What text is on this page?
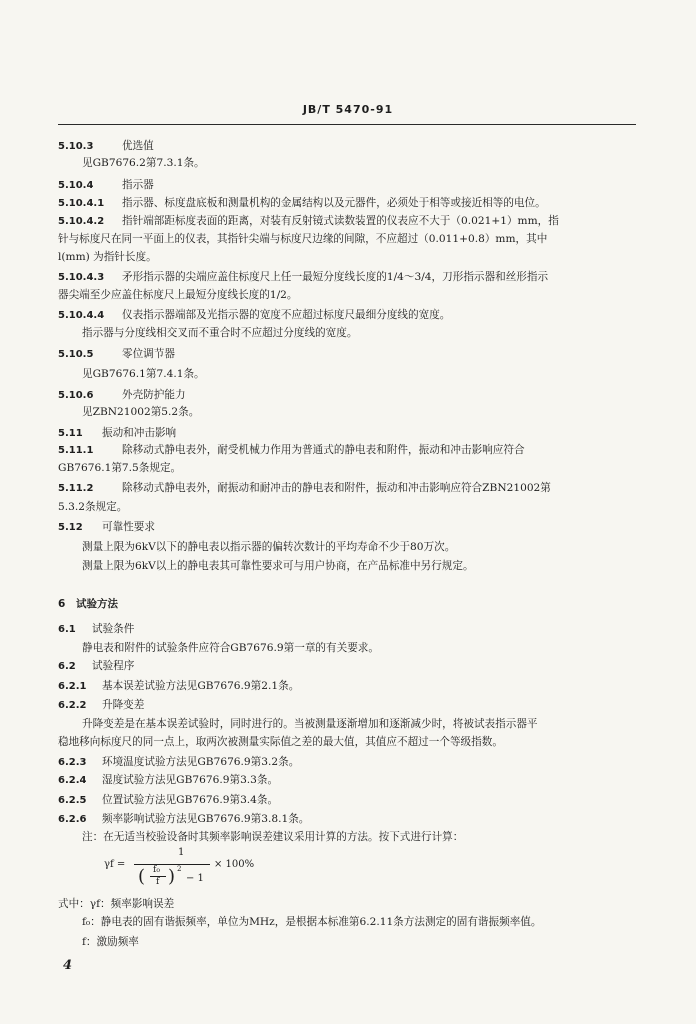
JB/T 5470-91
5.10.3	优选值
见GB7676.2第7.3.1条。
5.10.4	指示器
5.10.4.1 指示器、标度盘底板和测量机构的金属结构以及元器件，必须处于相等或接近相等的电位。
5.10.4.2 指针端部距标度表面的距离，对装有反射镜式读数装置的仪表应不大于（0.021+1）mm，指
针与标度尺在同一平面上的仪表，其指针尖端与标度尺边缘的间隙，不应超过（0.011+0.8）mm，其中
l(mm) 为指针长度。
5.10.4.3 矛形指示器的尖端应盖住标度尺上任一最短分度线长度的1/4～3/4，刀形指示器和丝形指示
器尖端至少应盖住标度尺上最短分度线长度的1/2。
5.10.4.4 仪表指示器端部及光指示器的宽度不应超过标度尺最细分度线的宽度。
指示器与分度线相交叉而不重合时不应超过分度线的宽度。
5.10.5	零位调节器
见GB7676.1第7.4.1条。
5.10.6	外壳防护能力
见ZBN21002第5.2条。
5.11 振动和冲击影响
5.11.1	除移动式静电表外，耐受机械力作用为普通式的静电表和附件，振动和冲击影响应符合
GB7676.1第7.5条规定。
5.11.2	除移动式静电表外，耐振动和耐冲击的静电表和附件，振动和冲击影响应符合ZBN21002第
5.3.2条规定。
5.12 可靠性要求
测量上限为6kV以下的静电表以指示器的偏转次数计的平均寿命不少于80万次。
测量上限为6kV以上的静电表其可靠性要求可与用户协商，在产品标准中另行规定。
6 试验方法
6.1 试验条件
静电表和附件的试验条件应符合GB7676.9第一章的有关要求。
6.2 试验程序
6.2.1 基本误差试验方法见GB7676.9第2.1条。
6.2.2 升降变差
升降变差是在基本误差试验时，同时进行的。当被测量逐渐增加和逐渐减少时，将被试表指示器平
稳地移向标度尺的同一点上，取两次被测量实际值之差的最大值，其值应不超过一个等级指数。
6.2.3 环境温度试验方法见GB7676.9第3.2条。
6.2.4 湿度试验方法见GB7676.9第3.3条。
6.2.5 位置试验方法见GB7676.9第3.4条。
6.2.6 频率影响试验方法见GB7676.9第3.8.1条。
注：在无适当校验设备时其频率影响误差建议采用计算的方法。按下式进行计算：
式中：γf：频率影响误差
f₀：静电表的固有谐振频率，单位为MHz，是根据本标准第6.2.11条方法测定的固有谐振频率值。
f：激励频率
γf =
1
( f₀
f ) 2
− 1
× 100%
4
